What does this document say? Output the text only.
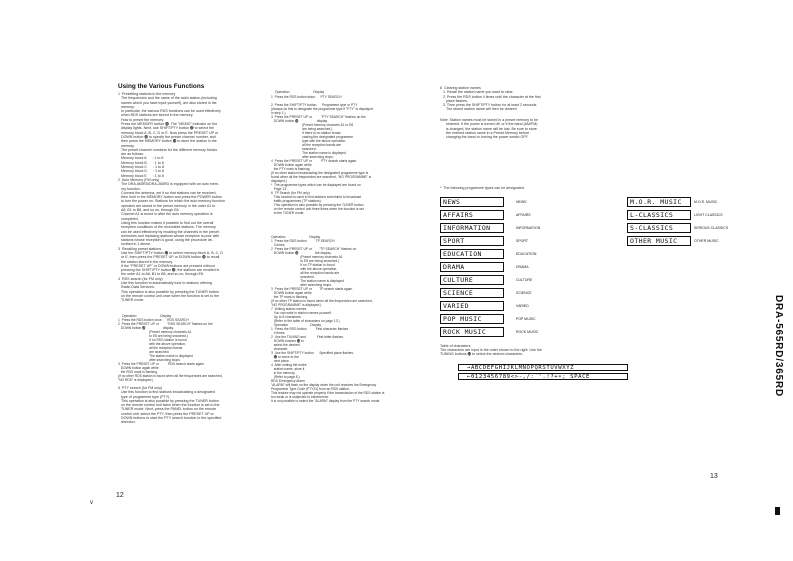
Using the Various Functions
1  Presetting stations in the memory
The frequencies and the name of the radio station (including
names which you have input yourself), are also stored in the
memory.
In particular, the various RDS functions can be used effectively
when RDS stations are stored in the memory.
How to preset the memory:
Press the MEMORY button ⓮. The "MEMO" indicator on the
display lights. Next, use SHIFT/PTY button ⓬ to select the
memory block A, B, C, D or E. Now press the PRESET UP or
DOWN button ⓭ to specify the preset channel number, and
then press the MEMORY button ⓮ to store the station in the
memory.
The preset channel numbers for the different memory blocks
are as follows:
Memory block A      : 1 to 8
Memory block B      : 1 to 8
Memory block C      : 1 to 8
Memory block D      : 1 to 8
Memory block E      : 1 to 8
2  Auto Memory (FM only)
The DRA-565RD/DRA-365RD is equipped with an auto mem-
ory function.
Connect the antenna, set it so that stations can be received,
then hold in the MEMORY button and press the POWER button
to turn the power on. Stations for which the auto memory function
operates are stored in the preset memory in the order A1 to
A8, B1 to B8, and so on, through E8.
Channel A1 is tuned in after the auto memory operation is
completed.
Using this function makes it possible to find out the overall
reception conditions of the receivable stations. The memory
can be used effectively by recalling the channels in the preset
memories and replacing stations whose reception is poor with
stations whose reception is good, using the procedure de-
scribed in 1 above.
3  Recalling preset stations
Use the SHIFT/PTY button ⓬ to select memory block A, B, C, D
or E, then press the PRESET UP or DOWN button ⓭ to recall
the station stored in the memory.
If the "PRESET UP" or DOWN buttons are pressed without
pressing the SHIFT/PTY button ⓬, the stations are recalled in
the order A1 to A8, B1 to B8, and so on, through E8.
4  RDS search (for FM only)
Use this function to automatically tune to stations offering
Radio Data Services.
This operation is also possible by pressing the TUNER button
on the remote control unit once when the function is set to the
TUNER mode.
Operation                          Display
1  Press the RDS button once.     RDS SEARCH
2  Press the PRESET UP or         "RDS SEARCH" flashes on the
DOWN button ⓭                   display.
(Preset memory channels A1
to E8 are being searched.)
If no RDS station is found
with the above operation,
all the reception bands
are searched.
The station name is displayed
after searching stops.
3  Press the PRESET UP or          RDS search starts again.
DOWN button again while
the RDS mark is flashing.
(If no other RDS station is found when all the frequencies are searched,
"NO RDS" is displayed.)
5  PTY search (for FM only)
Use this function to find stations broadcasting a designated
type of programme type (PTY).
This operation is also possible by pressing the TUNER button
on the remote control unit twice when the function is set to the
TUNER mode. Next, press the PANEL button on the remote
control unit, select the PTY, then press the PRESET UP or
DOWN buttons to start the PTY search function in the specified
direction.
Operation                          Display
1  Press the RDS button twice.     PTY SEARCH

2  Press the SHIFT/PTY button.     Programme type or PTY
(Always do this to designate the programme type if "PTY" is displayed
in step 1.)
3  Press the PRESET UP or          "PTY SEARCH" flashes on the
DOWN button ⓭                    display.
(Preset memory channels A1 to E8
are being searched.)
If there is no station broad-
casting the designated programme
type with the above operation,
all the reception bands are
searched.
The station name is displayed
after searching stops.
4  Press the PRESET UP or          PTY search starts again.
DOWN button again while
the PTY mark is flashing.
(If no other station broadcasting the designated programme type is
found when all the frequencies are searched, "NO PROGRAMME" is
displayed.)
*  The programme types which can be displayed are found on
Page 13.
6  TP Search (for FM only)
This function is used to find stations scheduled to broadcast
traffic programmes (TP stations).
This operation is also possible by pressing the TUNER button
on the remote control unit three times when the function is set
to the TUNER mode.
Operation                          Display
1  Press the RDS button          TP SEARCH
3 times.
2  Press the PRESET UP or        "TP SEARCH" flashes on
DOWN button ⓭                  the display.
(Preset memory channels A1
to E8 are being searched.)
If no TP station is found
with the above operation,
all the reception bands are
searched.
The station name is displayed
after searching stops.
3  Press the PRESET UP or        TP search starts again.
DOWN button again while
the TP mark is flashing.
(If no other TP station is found when all the frequencies are searched,
"NO PROGRAMME" is displayed.)
7  Writing station names
You can write in station names yourself.
Up to 8 characters.
(Refer to the table of characters on page 13.)
Operation                        Display
1  Press the RDS button          First character flashes
4 times.
2  Use the TUNING and            First letter flashes.
DOWN buttons ⓭ to
select the desired
character.
3  Use the SHIFT/PTY button      Specified place flashes.
⓬ to move to the
next place.
4  After writing the entire
station name, store it
in the memory.
(Refer to page 8.)
RDS Emergency Alarm
"ALARM" will flash on the display when the unit receives the Emergency
Programme Type Code (PTY31) from an RDS station.
This feature may not operate properly if the transmission of the RDS station is
too weak or is subjected to interference.
It is not possible to select the "ALARM" display from the PTY search mode.
12
v
8  Clearing station names
1. Recall the station name you want to clear.
2. Press the RDS button 4 times until the character at the first
place flashes.
3. Then press the SHIFT/PTY button for at least 2 seconds.
The stored station name will then be cleared.
Note: Station names must be stored in a preset memory to be
retained. If the power is turned off, or if the band (AM/FM)
is changed, the station name will be lost. Be sure to store
the entered station name in a Preset Memory before
changing the band or turning the power switch OFF.
*  The following programme types can be designated
NEWS	NEWS
AFFAIRS	AFFAIRS
INFORMATION	INFORMATION
SPORT	SPORT
EDUCATION	EDUCATION
DRAMA	DRAMA
CULTURE	CULTURE
SCIENCE	SCIENCE
VARIED	VARIED
POP MUSIC	POP MUSIC
ROCK MUSIC	ROCK MUSIC
M.O.R. MUSIC	M.O.R. MUSIC
L-CLASSICS	LIGHT CLASSICS
S-CLASSICS	SERIOUS CLASSICS
OTHER MUSIC	OTHER MUSIC
Table of characters
The characters are input in the order shown to the right. Use the
TUNING buttons ⓭ to select the desired characters.
→ABCDEFGHIJKLMNOPQRSTUVWXYZ
←0123456789<>-,/:`'.!?+∗; SPACE
13
DRA-565RD/365RD
